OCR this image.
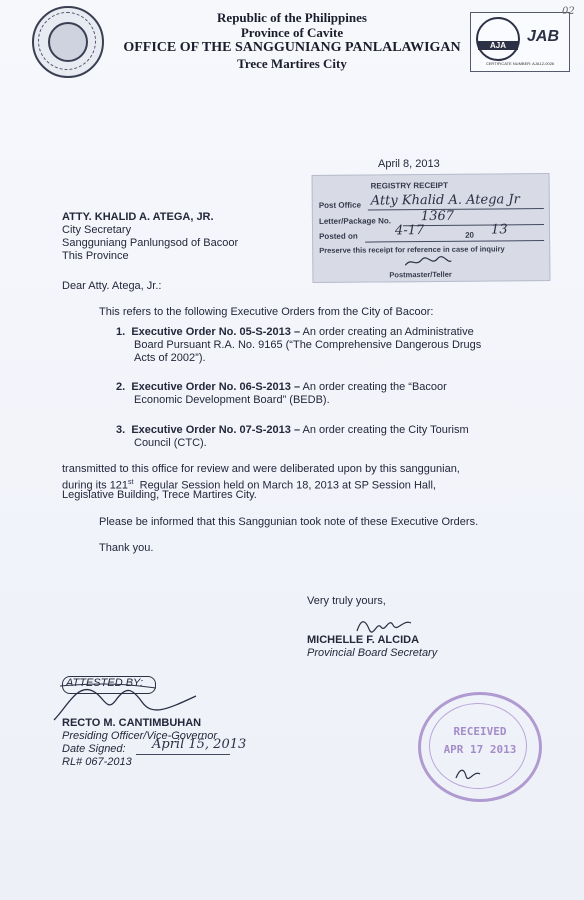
Republic of the Philippines
Province of Cavite
OFFICE OF THE SANGGUNIANG PANLALAWIGAN
Trece Martires City
AJA
JAB
CERTIFICATE NUMBER: AJA12-0026
02
April 8, 2013
REGISTRY RECEIPT
Post Office Atty Khalid A. Atega Jr
Letter/Package No. 1367
Posted on	4-17	20 13
Preserve this receipt for reference in case of inquiry
Postmaster/Teller
ATTY. KHALID A. ATEGA, JR.
City Secretary
Sangguniang Panlungsod of Bacoor
This Province
Dear Atty. Atega, Jr.:
This refers to the following Executive Orders from the City of Bacoor:
1. Executive Order No. 05-S-2013 – An order creating an Administrative
Board Pursuant R.A. No. 9165 (“The Comprehensive Dangerous Drugs
Acts of 2002”).
2. Executive Order No. 06-S-2013 – An order creating the “Bacoor
Economic Development Board” (BEDB).
3. Executive Order No. 07-S-2013 – An order creating the City Tourism
Council (CTC).
transmitted to this office for review and were deliberated upon by this sanggunian,
during its 121st Regular Session held on March 18, 2013 at SP Session Hall,
Legislative Building, Trece Martires City.
Please be informed that this Sanggunian took note of these Executive Orders.
Thank you.
Very truly yours,
MICHELLE F. ALCIDA
Provincial Board Secretary
ATTESTED BY:
RECTO M. CANTIMBUHAN
Presiding Officer/Vice-Governor
Date Signed: April 15, 2013
RL# 067-2013
RECEIVED
APR 17 2013
